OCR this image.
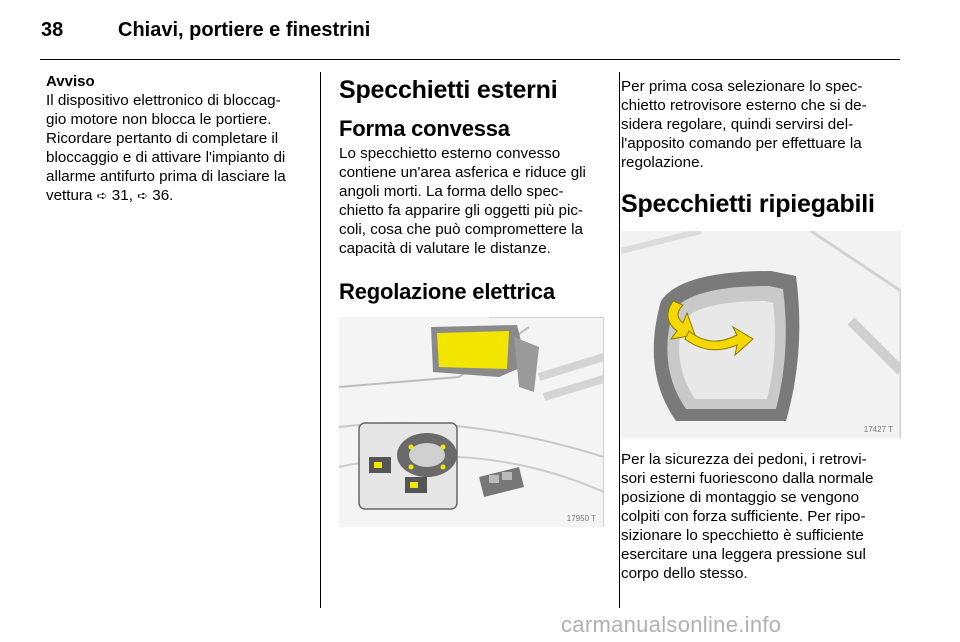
38	Chiavi, portiere e finestrini

Avviso

Il dispositivo elettronico di bloccag-
gio motore non blocca le portiere.
Ricordare pertanto di completare il
bloccaggio e di attivare l'impianto di
allarme antifurto prima di lasciare la
vettura ➪ 31, ➪ 36.

Specchietti esterni
Forma convessa

Lo specchietto esterno convesso
contiene un'area asferica e riduce gli
angoli morti. La forma dello spec-
chietto fa apparire gli oggetti più pic-
coli, cosa che può compromettere la
capacità di valutare le distanze.

Regolazione elettrica
17950 T

Per prima cosa selezionare lo spec-
chietto retrovisore esterno che si de-
sidera regolare, quindi servirsi del-
l'apposito comando per effettuare la
regolazione.

Specchietti ripiegabili
17427 T

Per la sicurezza dei pedoni, i retrovi-
sori esterni fuoriescono dalla normale
posizione di montaggio se vengono
colpiti con forza sufficiente. Per ripo-
sizionare lo specchietto è sufficiente
esercitare una leggera pressione sul
corpo dello stesso.

carmanualsonline.info
